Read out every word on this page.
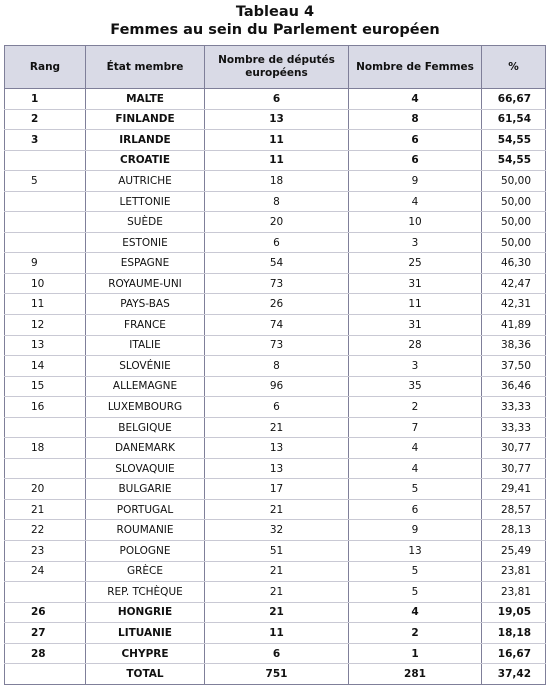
Tableau 4
Femmes au sein du Parlement européen
Rang	État membre	Nombre de députés européens	Nombre de Femmes	%
1	MALTE	6	4	66,67
2	FINLANDE	13	8	61,54
3	IRLANDE	11	6	54,55
	CROATIE	11	6	54,55
5	AUTRICHE	18	9	50,00
	LETTONIE	8	4	50,00
	SUÈDE	20	10	50,00
	ESTONIE	6	3	50,00
9	ESPAGNE	54	25	46,30
10	ROYAUME-UNI	73	31	42,47
11	PAYS-BAS	26	11	42,31
12	FRANCE	74	31	41,89
13	ITALIE	73	28	38,36
14	SLOVÉNIE	8	3	37,50
15	ALLEMAGNE	96	35	36,46
16	LUXEMBOURG	6	2	33,33
	BELGIQUE	21	7	33,33
18	DANEMARK	13	4	30,77
	SLOVAQUIE	13	4	30,77
20	BULGARIE	17	5	29,41
21	PORTUGAL	21	6	28,57
22	ROUMANIE	32	9	28,13
23	POLOGNE	51	13	25,49
24	GRÈCE	21	5	23,81
	REP. TCHÈQUE	21	5	23,81
26	HONGRIE	21	4	19,05
27	LITUANIE	11	2	18,18
28	CHYPRE	6	1	16,67
	TOTAL	751	281	37,42
